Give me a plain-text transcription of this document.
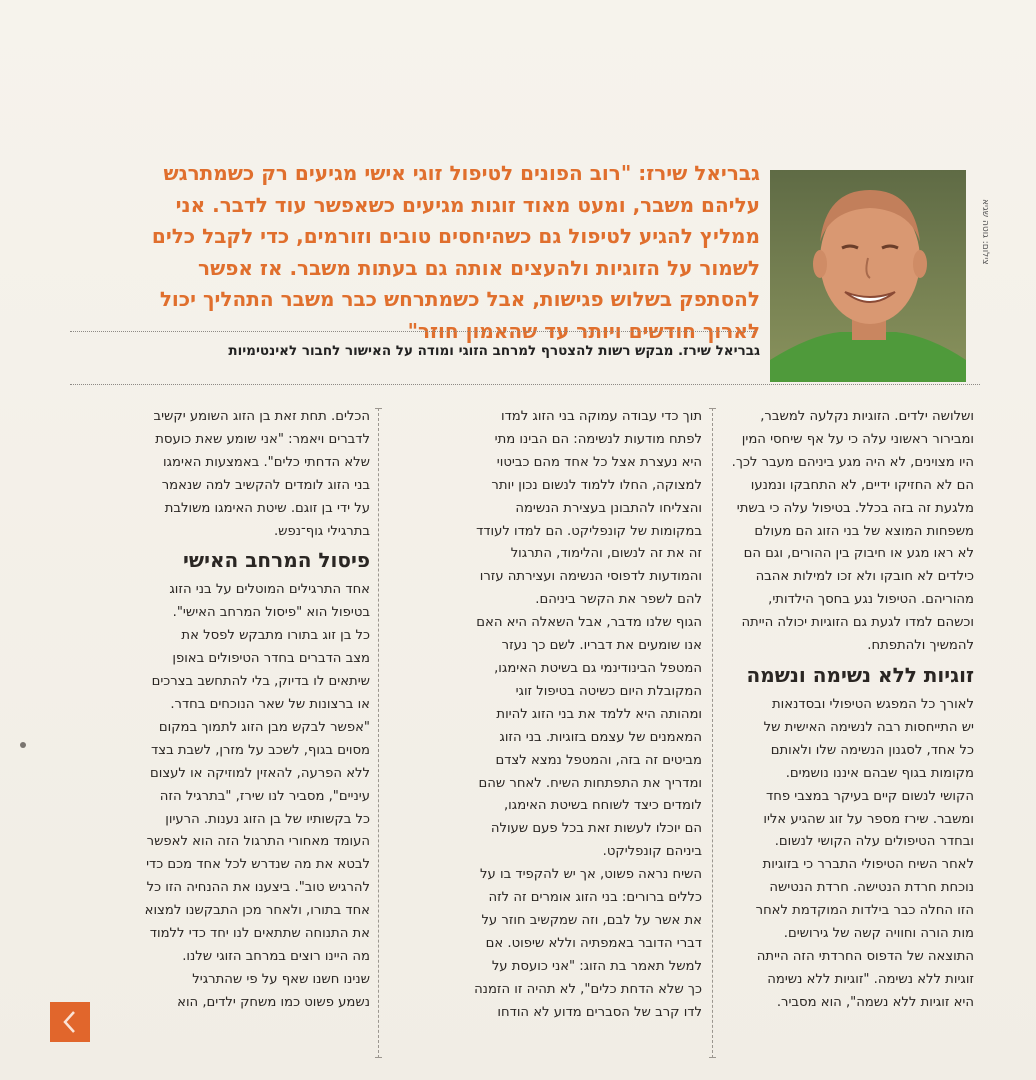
גבריאל שירז: "רוב הפונים לטיפול זוגי אישי מגיעים רק כשמתרגש
עליהם משבר, ומעט מאוד זוגות מגיעים כשאפשר עוד לדבר. אני
ממליץ להגיע לטיפול גם כשהיחסים טובים וזורמים, כדי לקבל כלים
לשמור על הזוגיות ולהעצים אותה גם בעתות משבר. אז אפשר
להסתפק בשלוש פגישות, אבל כשמתרחש כבר משבר התהליך יכול
לארוך חודשים ויותר עד שהאמון חוזר"
צילום: גוטה שגיא
גבריאל שירז. מבקש רשות להצטרף למרחב הזוגי ומודה על האישור לחבור לאינטימיות

ושלושה ילדים. הזוגיות נקלעה למשבר,
ומבירור ראשוני עלה כי על אף שיחסי המין
היו מצוינים, לא היה מגע ביניהם מעבר לכך.
הם לא החזיקו ידיים, לא התחבקו ונמנעו
מלגעת זה בזה בכלל. בטיפול עלה כי בשתי
משפחות המוצא של בני הזוג הם מעולם
לא ראו מגע או חיבוק בין ההורים, וגם הם
כילדים לא חובקו ולא זכו למילות אהבה
מהוריהם. הטיפול נגע בחסך הילדותי,
וכשהם למדו לגעת גם הזוגיות יכולה הייתה
להמשיך ולהתפתח.

זוגיות ללא נשימה ונשמה

לאורך כל המפגש הטיפולי ובסדנאות
יש התייחסות רבה לנשימה האישית של
כל אחד, לסגנון הנשימה שלו ולאותם
מקומות בגוף שבהם איננו נושמים.
הקושי לנשום קיים בעיקר במצבי פחד
ומשבר. שירז מספר על זוג שהגיע אליו
ובחדר הטיפולים עלה הקושי לנשום.
לאחר השיח הטיפולי התברר כי בזוגיות
נוכחת חרדת הנטישה. חרדת הנטישה
הזו החלה כבר בילדות המוקדמת לאחר
מות הורה וחוויה קשה של גירושים.
התוצאה של הדפוס החרדתי הזה הייתה
זוגיות ללא נשימה. "זוגיות ללא נשימה
היא זוגיות ללא נשמה", הוא מסביר.

תוך כדי עבודה עמוקה בני הזוג למדו
לפתח מודעות לנשימה: הם הבינו מתי
היא נעצרת אצל כל אחד מהם כביטוי
למצוקה, החלו ללמוד לנשום נכון יותר
והצליחו להתבונן בעצירת הנשימה
במקומות של קונפליקט. הם למדו לעודד
זה את זה לנשום, והלימוד, התרגול
והמודעות לדפוסי הנשימה ועצירתה עזרו
להם לשפר את הקשר ביניהם.
הגוף שלנו מדבר, אבל השאלה היא האם
אנו שומעים את דבריו. לשם כך נעזר
המטפל הבינודינמי גם בשיטת האימגו,
המקובלת היום כשיטה בטיפול זוגי
ומהותה היא ללמד את בני הזוג להיות
המאמנים של עצמם בזוגיות. בני הזוג
מביטים זה בזה, והמטפל נמצא לצדם
ומדריך את התפתחות השיח. לאחר שהם
לומדים כיצד לשוחח בשיטת האימגו,
הם יוכלו לעשות זאת בכל פעם שעולה
ביניהם קונפליקט.
השיח נראה פשוט, אך יש להקפיד בו על
כללים ברורים: בני הזוג אומרים זה לזה
את אשר על לבם, וזה שמקשיב חוזר על
דברי הדובר באמפתיה וללא שיפוט. אם
למשל תאמר בת הזוג: "אני כועסת על
כך שלא הדחת כלים", לא תהיה זו הזמנה
לדו קרב של הסברים מדוע לא הודחו

הכלים. תחת זאת בן הזוג השומע יקשיב
לדברים ויאמר: "אני שומע שאת כועסת
שלא הדחתי כלים". באמצעות האימגו
בני הזוג לומדים להקשיב למה שנאמר
על ידי בן זוגם. שיטת האימגו משולבת
בתרגילי גוף־נפש.

פיסול המרחב האישי

אחד התרגילים המוטלים על בני הזוג
בטיפול הוא "פיסול המרחב האישי".
כל בן זוג בתורו מתבקש לפסל את
מצב הדברים בחדר הטיפולים באופן
שיתאים לו בדיוק, בלי להתחשב בצרכים
או ברצונות של שאר הנוכחים בחדר.
"אפשר לבקש מבן הזוג לתמוך במקום
מסוים בגוף, לשכב על מזרן, לשבת בצד
ללא הפרעה, להאזין למוזיקה או לעצום
עיניים", מסביר לנו שירז, "בתרגיל הזה
כל בקשותיו של בן הזוג נענות. הרעיון
העומד מאחורי התרגול הזה הוא לאפשר
לבטא את מה שנדרש לכל אחד מכם כדי
להרגיש טוב". ביצענו את ההנחיה הזו כל
אחד בתורו, ולאחר מכן התבקשנו למצוא
את התנוחה שתתאים לנו יחד כדי ללמוד
מה היינו רוצים במרחב הזוגי שלנו.
שנינו חשנו שאף על פי שהתרגיל
נשמע פשוט כמו משחק ילדים, הוא
